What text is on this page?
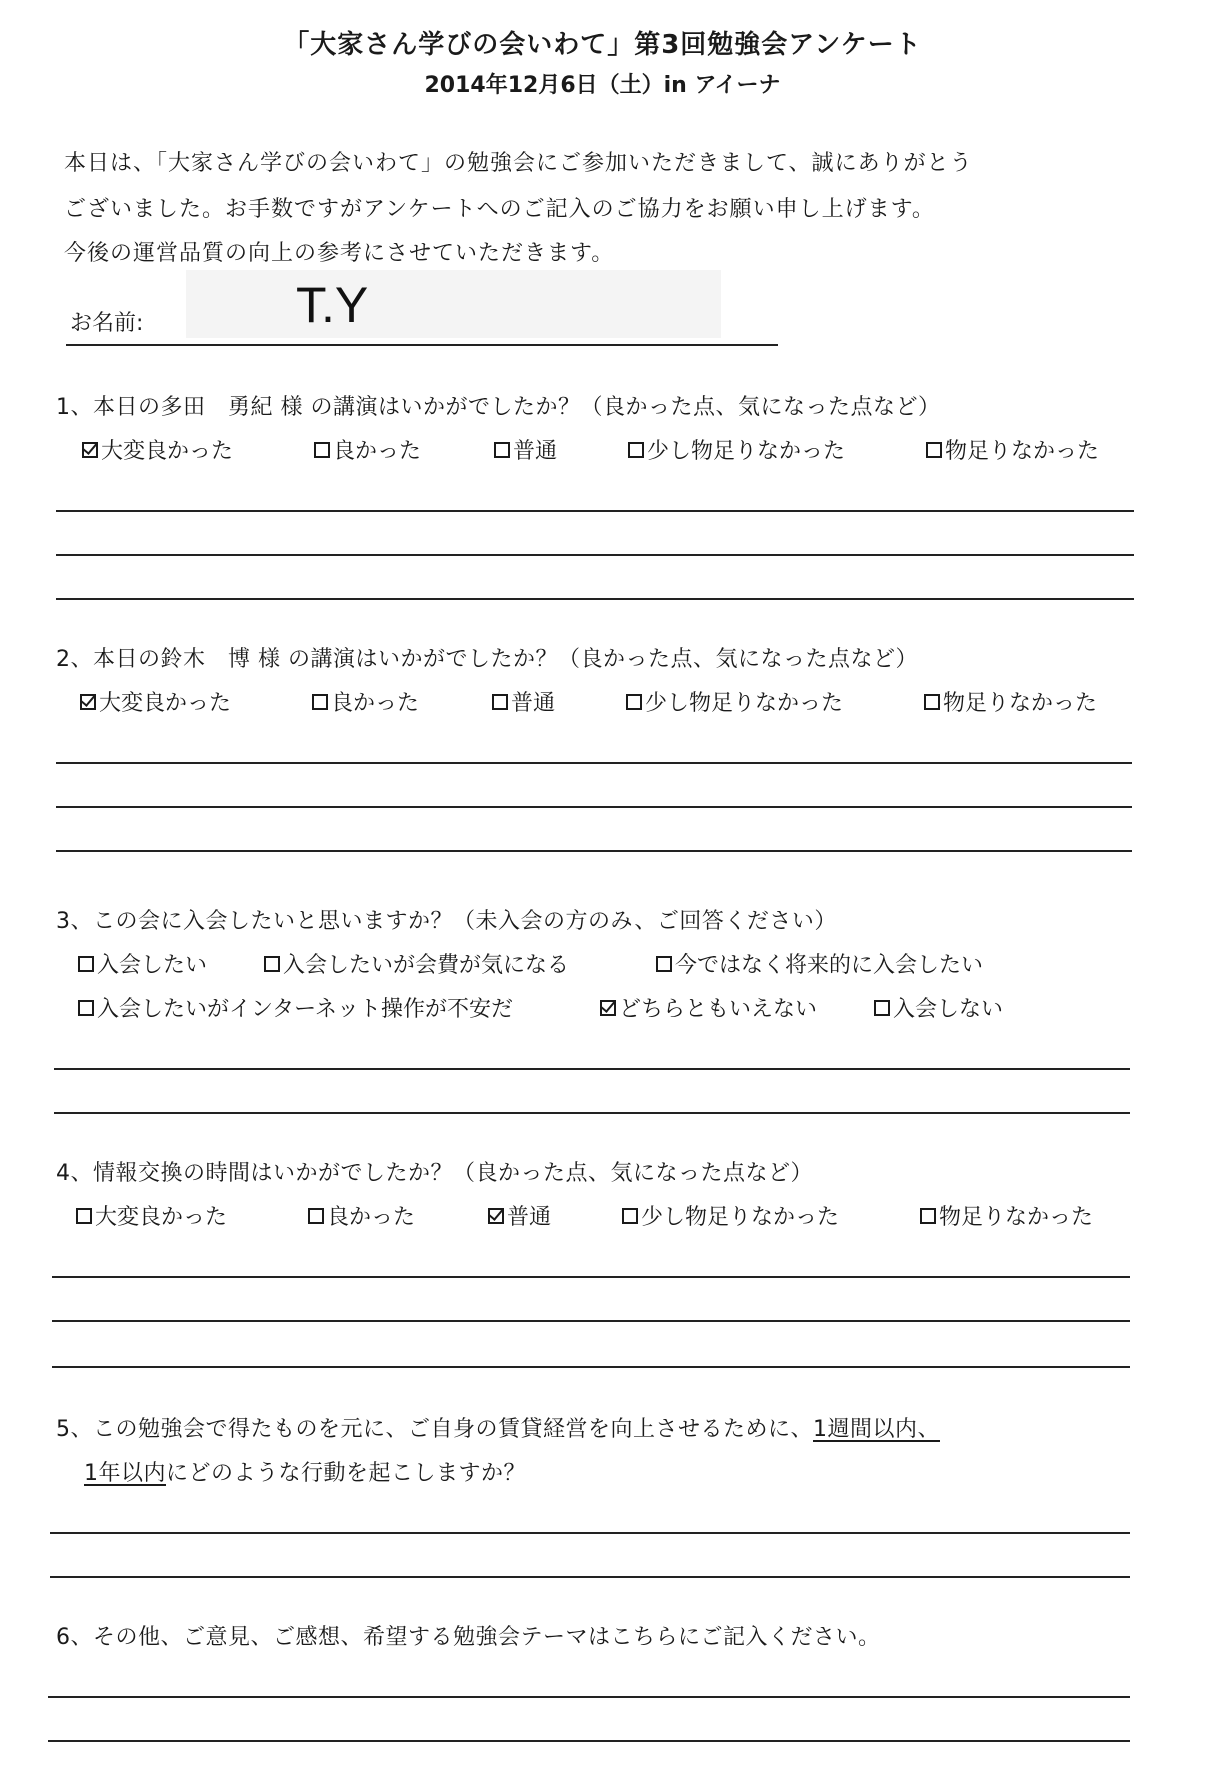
「大家さん学びの会いわて」第3回勉強会アンケート
2014年12月6日（土）in アイーナ
本日は、「大家さん学びの会いわて」の勉強会にご参加いただきまして、誠にありがとう
ございました。お手数ですがアンケートへのご記入のご協力をお願い申し上げます。
今後の運営品質の向上の参考にさせていただきます。
お名前:	T.Y
1、本日の多田　勇紀 様 の講演はいかがでしたか？（良かった点、気になった点など）
大変良かった	良かった	普通	少し物足りなかった	物足りなかった
2、本日の鈴木　博 様 の講演はいかがでしたか？（良かった点、気になった点など）
大変良かった	良かった	普通	少し物足りなかった	物足りなかった
3、この会に入会したいと思いますか？（未入会の方のみ、ご回答ください）
入会したい	入会したいが会費が気になる	今ではなく将来的に入会したい
入会したいがインターネット操作が不安だ	どちらともいえない	入会しない
4、情報交換の時間はいかがでしたか？（良かった点、気になった点など）
大変良かった	良かった	普通	少し物足りなかった	物足りなかった
5、この勉強会で得たものを元に、ご自身の賃貸経営を向上させるために、1週間以内、
1年以内にどのような行動を起こしますか？
6、その他、ご意見、ご感想、希望する勉強会テーマはこちらにご記入ください。
